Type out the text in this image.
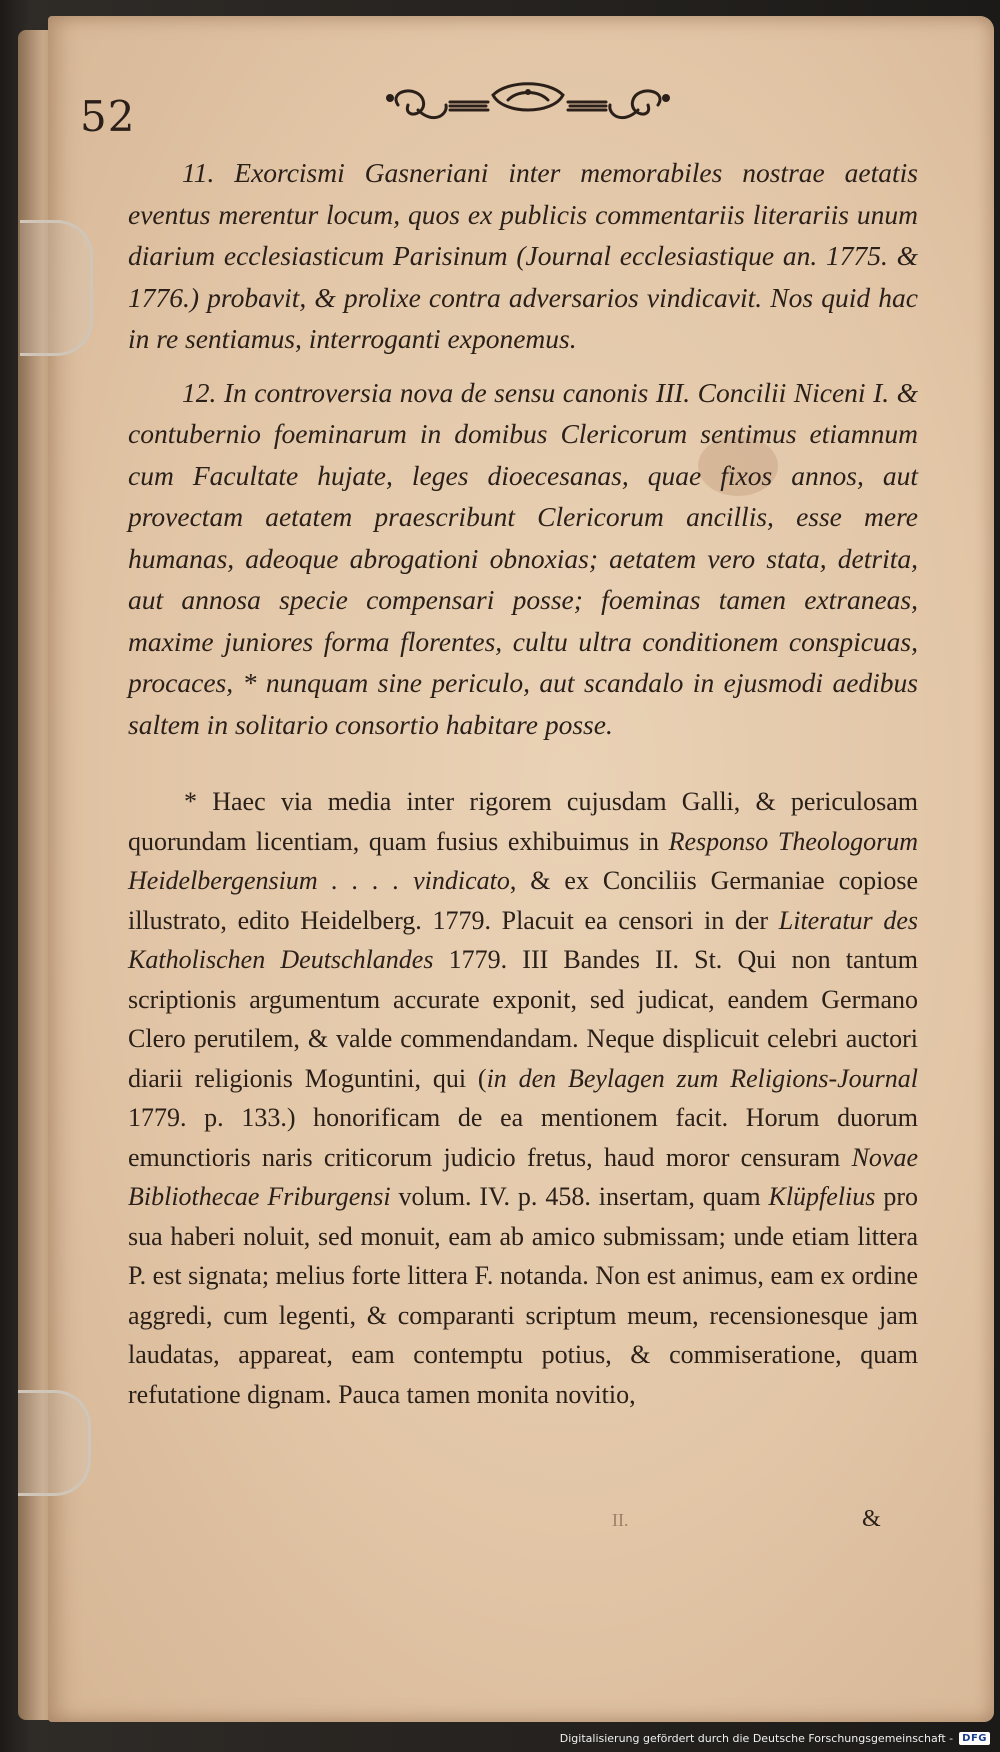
52

11. Exorcismi Gasneriani inter memorabiles nostrae aetatis eventus merentur locum, quos ex publicis commentariis literariis unum diarium ecclesiasticum Parisinum (Journal ecclesiastique an. 1775. & 1776.) probavit, & prolixe contra adversarios vindicavit. Nos quid hac in re sentiamus, interroganti exponemus.

12. In controversia nova de sensu canonis III. Concilii Niceni I. & contubernio foeminarum in domibus Clericorum sentimus etiamnum cum Facultate hujate, leges dioecesanas, quae fixos annos, aut provectam aetatem praescribunt Clericorum ancillis, esse mere humanas, adeoque abrogationi obnoxias; aetatem vero stata, detrita, aut annosa specie compensari posse; foeminas tamen extraneas, maxime juniores forma florentes, cultu ultra conditionem conspicuas, procaces, * nunquam sine periculo, aut scandalo in ejusmodi aedibus saltem in solitario consortio habitare posse.

* Haec via media inter rigorem cujusdam Galli, & periculosam quorundam licentiam, quam fusius exhibuimus in Responso Theologorum Heidelbergensium . . . . vindicato, & ex Conciliis Germaniae copiose illustrato, edito Heidelberg. 1779. Placuit ea censori in der Literatur des Katholischen Deutschlandes 1779. III Bandes II. St. Qui non tantum scriptionis argumentum accurate exponit, sed judicat, eandem Germano Clero perutilem, & valde commendandam. Neque displicuit celebri auctori diarii religionis Moguntini, qui (in den Beylagen zum Religions-Journal 1779. p. 133.) honorificam de ea mentionem facit. Horum duorum emunctioris naris criticorum judicio fretus, haud moror censuram Novae Bibliothecae Friburgensi volum. IV. p. 458. insertam, quam Klüpfelius pro sua haberi noluit, sed monuit, eam ab amico submissam; unde etiam littera P. est signata; melius forte littera F. notanda. Non est animus, eam ex ordine aggredi, cum legenti, & comparanti scriptum meum, recensionesque jam laudatas, appareat, eam contemptu potius, & commiseratione, quam refutatione dignam. Pauca tamen monita novitio,

II.	&
Digitalisierung gefördert durch die Deutsche Forschungsgemeinschaft - DFG
